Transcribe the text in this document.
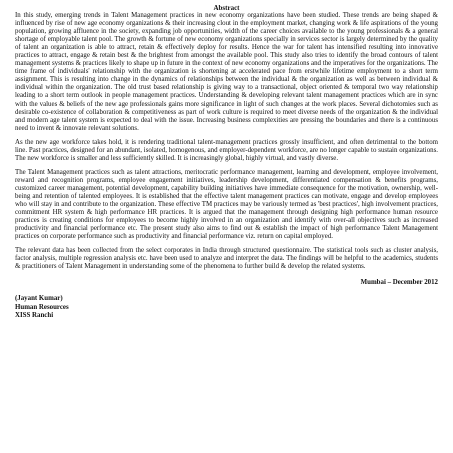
Abstract

In this study, emerging trends in Talent Management practices in new economy organizations have been studied. These trends are being shaped & influenced by rise of new age economy organizations & their increasing clout in the employment market, changing work & life aspirations of the young population, growing affluence in the society, expanding job opportunities, width of the career choices available to the young professionals & a general shortage of employable talent pool. The growth & fortune of new economy organizations specially in services sector is largely determined by the quality of talent an organization is able to attract, retain & effectively deploy for results. Hence the war for talent has intensified resulting into innovative practices to attract, engage & retain best & the brightest from amongst the available pool. This study also tries to identify the broad contours of talent management systems & practices likely to shape up in future in the context of new economy organizations and the imperatives for the organizations. The time frame of individuals' relationship with the organization is shortening at accelerated pace from erstwhile lifetime employment to a short term assignment. This is resulting into change in the dynamics of relationships between the individual & the organization as well as between individual & individual within the organization. The old trust based relationship is giving way to a transactional, object oriented & temporal two way relationship leading to a short term outlook in people management practices. Understanding & developing relevant talent management practices which are in sync with the values & beliefs of the new age professionals gains more significance in light of such changes at the work places. Several dichotomies such as desirable co-existence of collaboration & competitiveness as part of work culture is required to meet diverse needs of the organization & the individual and modern age talent system is expected to deal with the issue. Increasing business complexities are pressing the boundaries and there is a continuous need to invent & innovate relevant solutions.

As the new age workforce takes hold, it is rendering traditional talent-management practices grossly insufficient, and often detrimental to the bottom line. Past practices, designed for an abundant, isolated, homogenous, and employer-dependent workforce, are no longer capable to sustain organizations. The new workforce is smaller and less sufficiently skilled. It is increasingly global, highly virtual, and vastly diverse.

The Talent Management practices such as talent attractions, meritocratic performance management, learning and development, employee involvement, reward and recognition programs, employee engagement initiatives, leadership development, differentiated compensation & benefits programs, customized career management, potential development, capability building initiatives have immediate consequence for the motivation, ownership, well-being and retention of talented employees. It is established that the effective talent management practices can motivate, engage and develop employees who will stay in and contribute to the organization. These effective TM practices may be variously termed as 'best practices', high involvement practices, commitment HR system & high performance HR practices. It is argued that the management through designing high performance human resource practices is creating conditions for employees to become highly involved in an organization and identify with over-all objectives such as increased productivity and financial performance etc. The present study also aims to find out & establish the impact of high performance Talent Management practices on corporate performance such as productivity and financial performance viz. return on capital employed.

The relevant data has been collected from the select corporates in India through structured questionnaire. The statistical tools such as cluster analysis, factor analysis, multiple regression analysis etc. have been used to analyze and interpret the data. The findings will be helpful to the academics, students & practitioners of Talent Management in understanding some of the phenomena to further build & develop the related systems.

Mumbai – December 2012
(Jayant Kumar)
Human Resources
XISS Ranchi
